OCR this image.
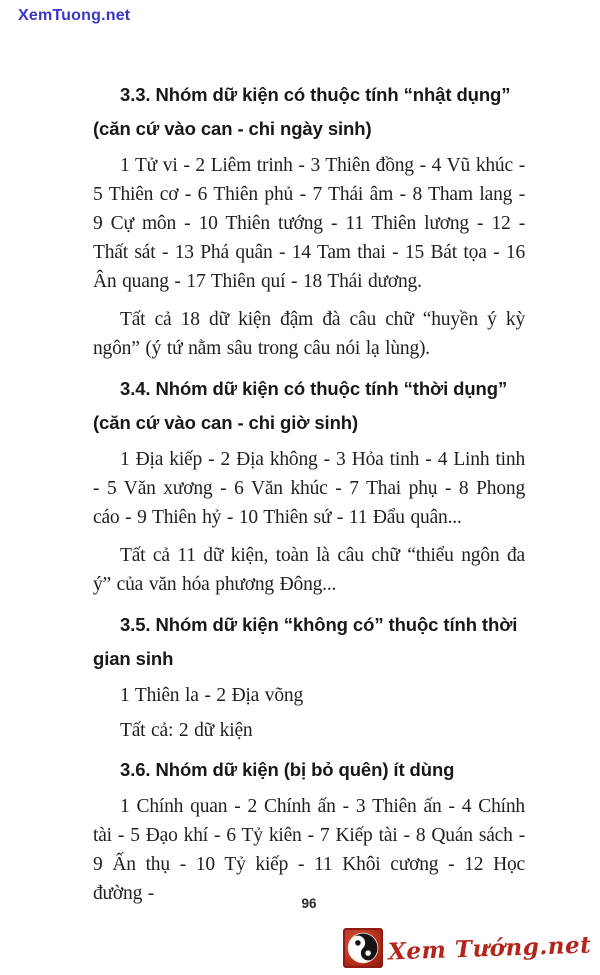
XemTuong.net
3.3. Nhóm dữ kiện có thuộc tính “nhật dụng” (căn cứ vào can - chi ngày sinh)

1 Tử vi - 2 Liêm trinh - 3 Thiên đồng - 4 Vũ khúc - 5 Thiên cơ - 6 Thiên phủ - 7 Thái âm - 8 Tham lang - 9 Cự môn - 10 Thiên tướng - 11 Thiên lương - 12 - Thất sát - 13 Phá quân - 14 Tam thai - 15 Bát tọa - 16 Ân quang - 17 Thiên quí - 18 Thái dương.

Tất cả 18 dữ kiện đậm đà câu chữ “huyền ý kỳ ngôn” (ý tứ nằm sâu trong câu nói lạ lùng).

3.4. Nhóm dữ kiện có thuộc tính “thời dụng” (căn cứ vào can - chi giờ sinh)

1 Địa kiếp - 2 Địa không - 3 Hỏa tinh - 4 Linh tinh - 5 Văn xương - 6 Văn khúc - 7 Thai phụ - 8 Phong cáo - 9 Thiên hỷ - 10 Thiên sứ - 11 Đẩu quân...

Tất cả 11 dữ kiện, toàn là câu chữ “thiểu ngôn đa ý” của văn hóa phương Đông...

3.5. Nhóm dữ kiện “không có” thuộc tính thời gian sinh

1 Thiên la - 2 Địa võng

Tất cả: 2 dữ kiện

3.6. Nhóm dữ kiện (bị bỏ quên) ít dùng

1 Chính quan - 2 Chính ấn - 3 Thiên ấn - 4 Chính tài - 5 Đạo khí - 6 Tỷ kiên - 7 Kiếp tài - 8 Quán sách - 9 Ấn thụ - 10 Tỷ kiếp - 11 Khôi cương - 12 Học đường -	96
Xem Tướng.net
